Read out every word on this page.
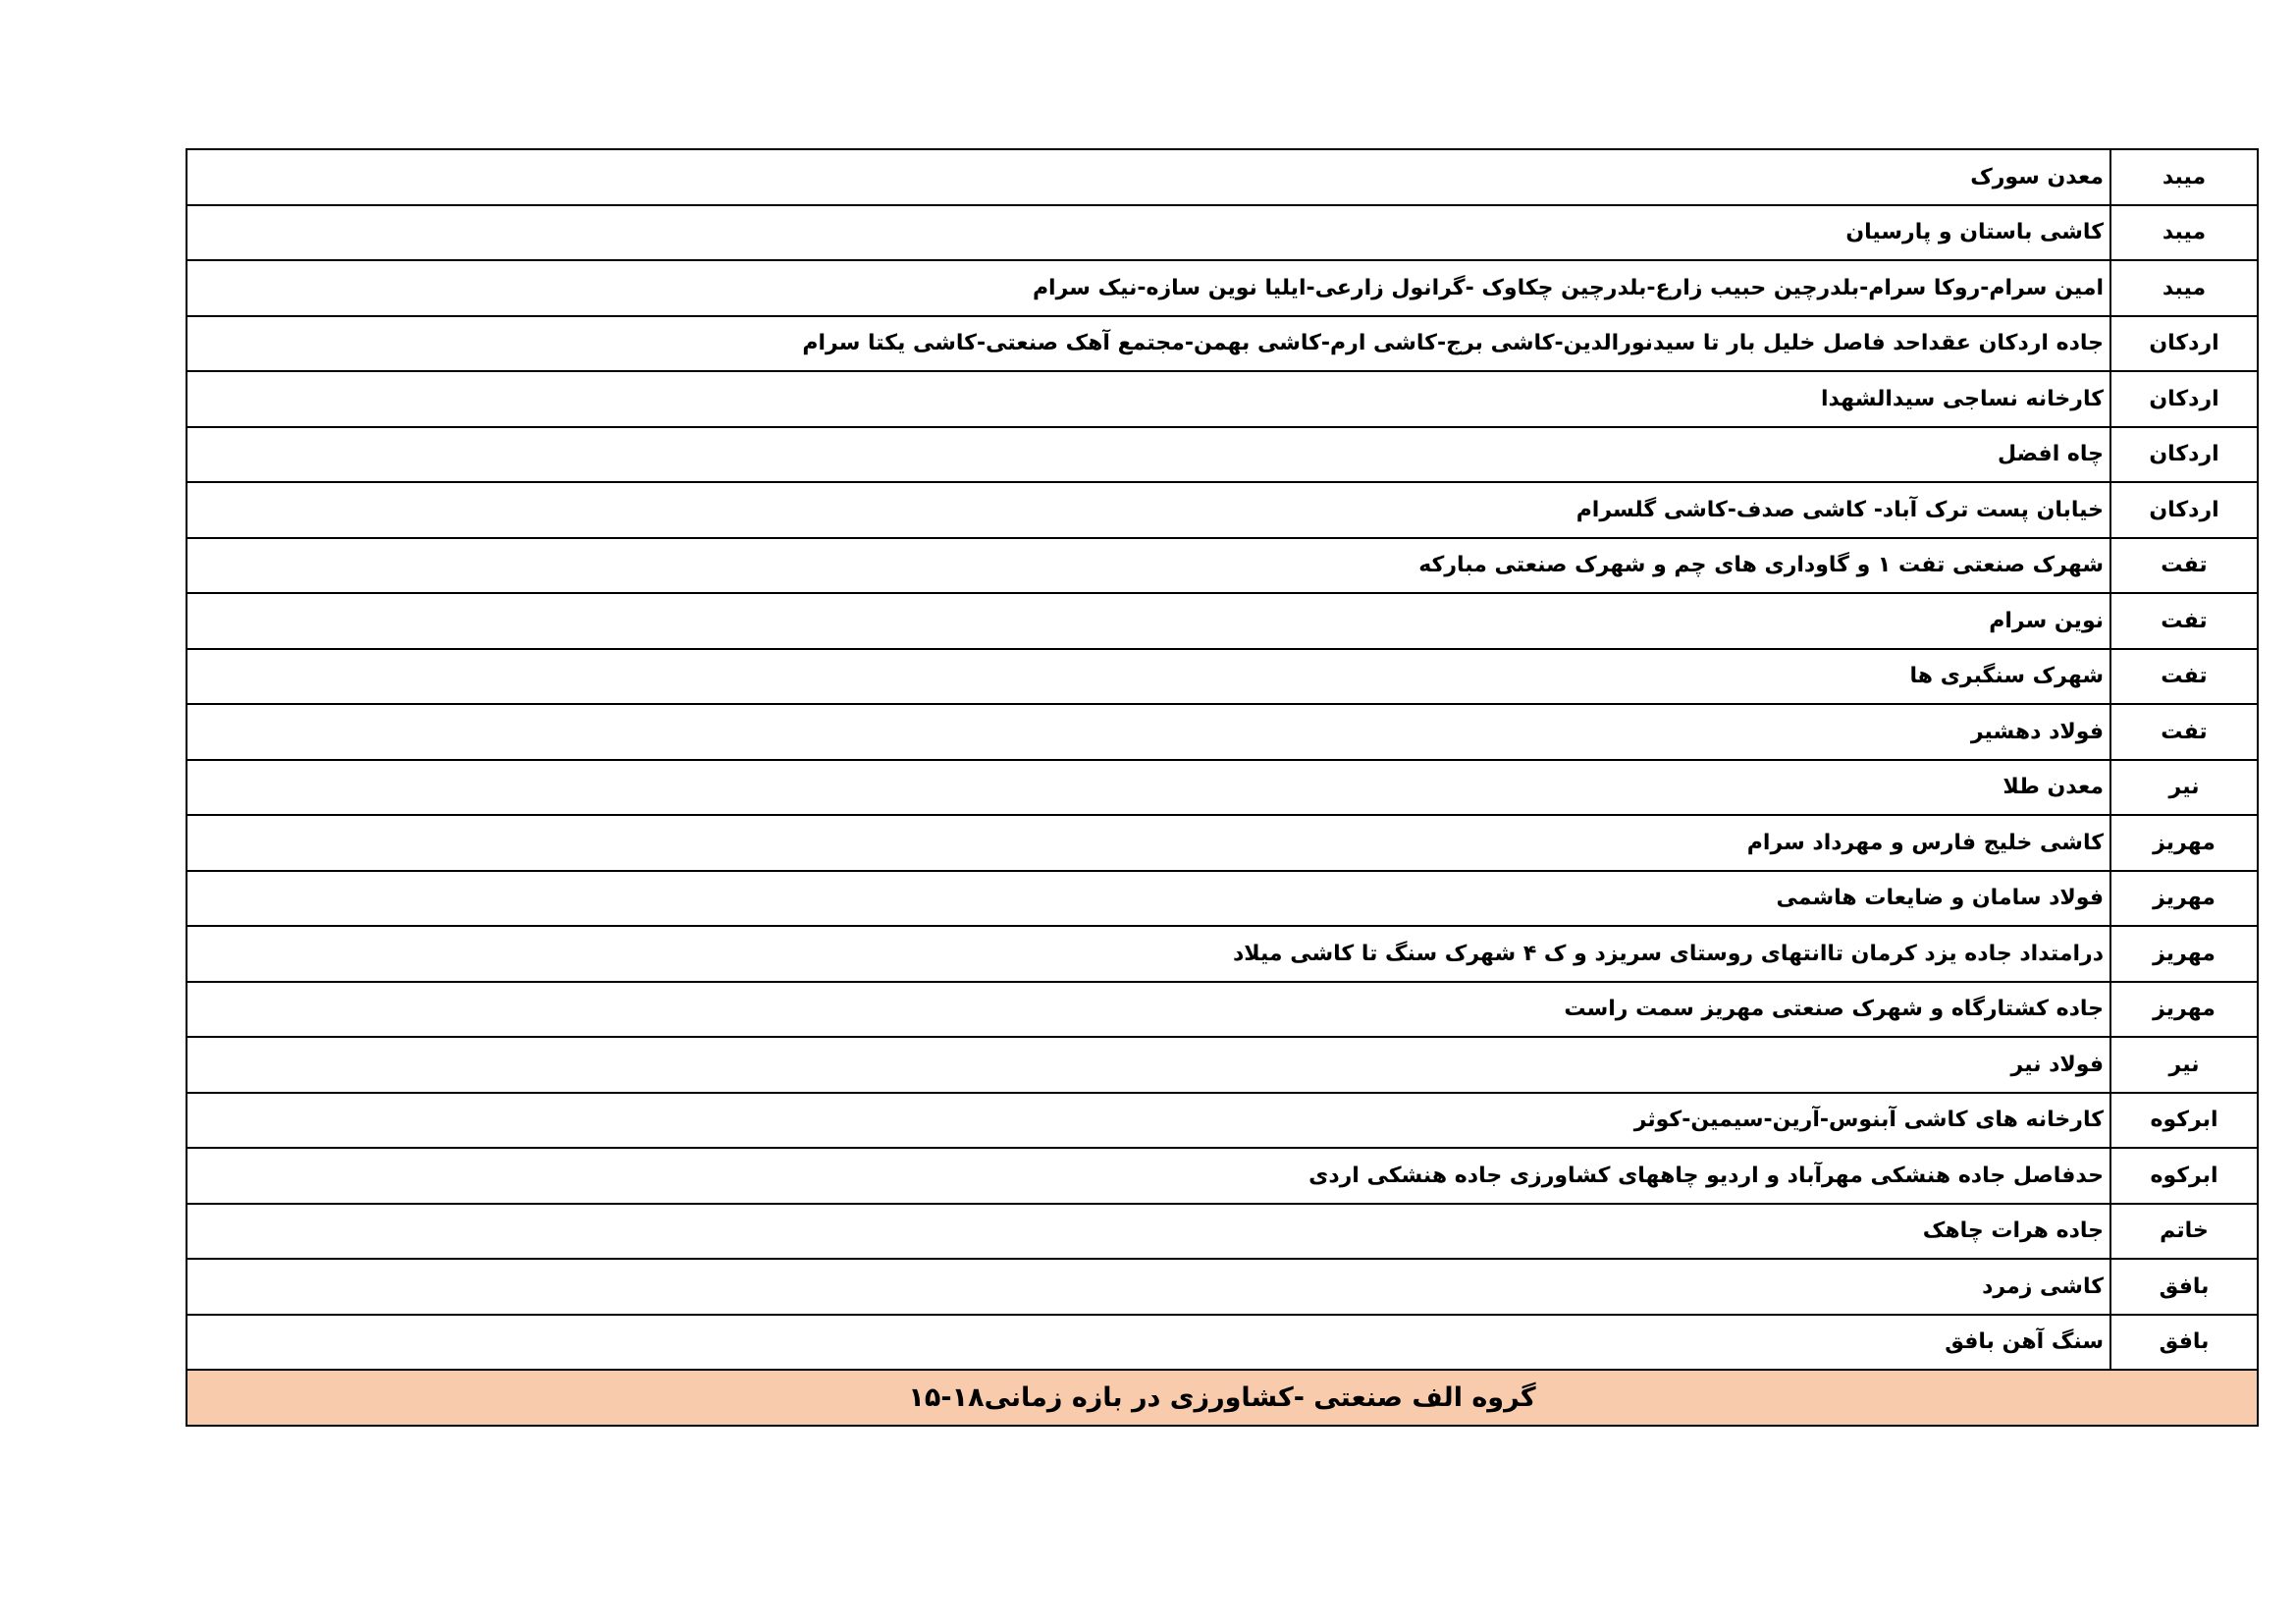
میبد	معدن سورک
میبد	کاشی باستان و پارسیان
میبد	امین سرام-روکا سرام-بلدرچین حبیب زارع-بلدرچین چکاوک -گرانول زارعی-ایلیا نوین سازه-نیک سرام
اردکان	جاده اردکان عقداحد فاصل خلیل بار تا سیدنورالدین-کاشی برج-کاشی ارم-کاشی بهمن-مجتمع آهک صنعتی-کاشی یکتا سرام
اردکان	کارخانه نساجی سیدالشهدا
اردکان	چاه افضل
اردکان	خیابان پست ترک آباد- کاشی صدف-کاشی گلسرام
تفت	شهرک صنعتی تفت ۱ و گاوداری های چم و شهرک صنعتی مبارکه
تفت	نوین سرام
تفت	شهرک سنگبری ها
تفت	فولاد دهشیر
نیر	معدن طلا
مهریز	کاشی خلیج فارس و مهرداد سرام
مهریز	فولاد سامان و ضایعات هاشمی
مهریز	درامتداد جاده یزد کرمان تاانتهای روستای سریزد و ک ۴ شهرک سنگ تا کاشی میلاد
مهریز	جاده کشتارگاه و شهرک صنعتی مهریز سمت راست
نیر	فولاد نیر
ابرکوه	کارخانه های کاشی آبنوس-آرین-سیمین-کوثر
ابرکوه	حدفاصل جاده هنشکی مهرآباد و اردیو چاههای کشاورزی جاده هنشکی اردی
خاتم	جاده هرات چاهک
بافق	کاشی زمرد
بافق	سنگ آهن بافق
گروه الف صنعتی -کشاورزی در بازه زمانی۱۸-۱۵	
